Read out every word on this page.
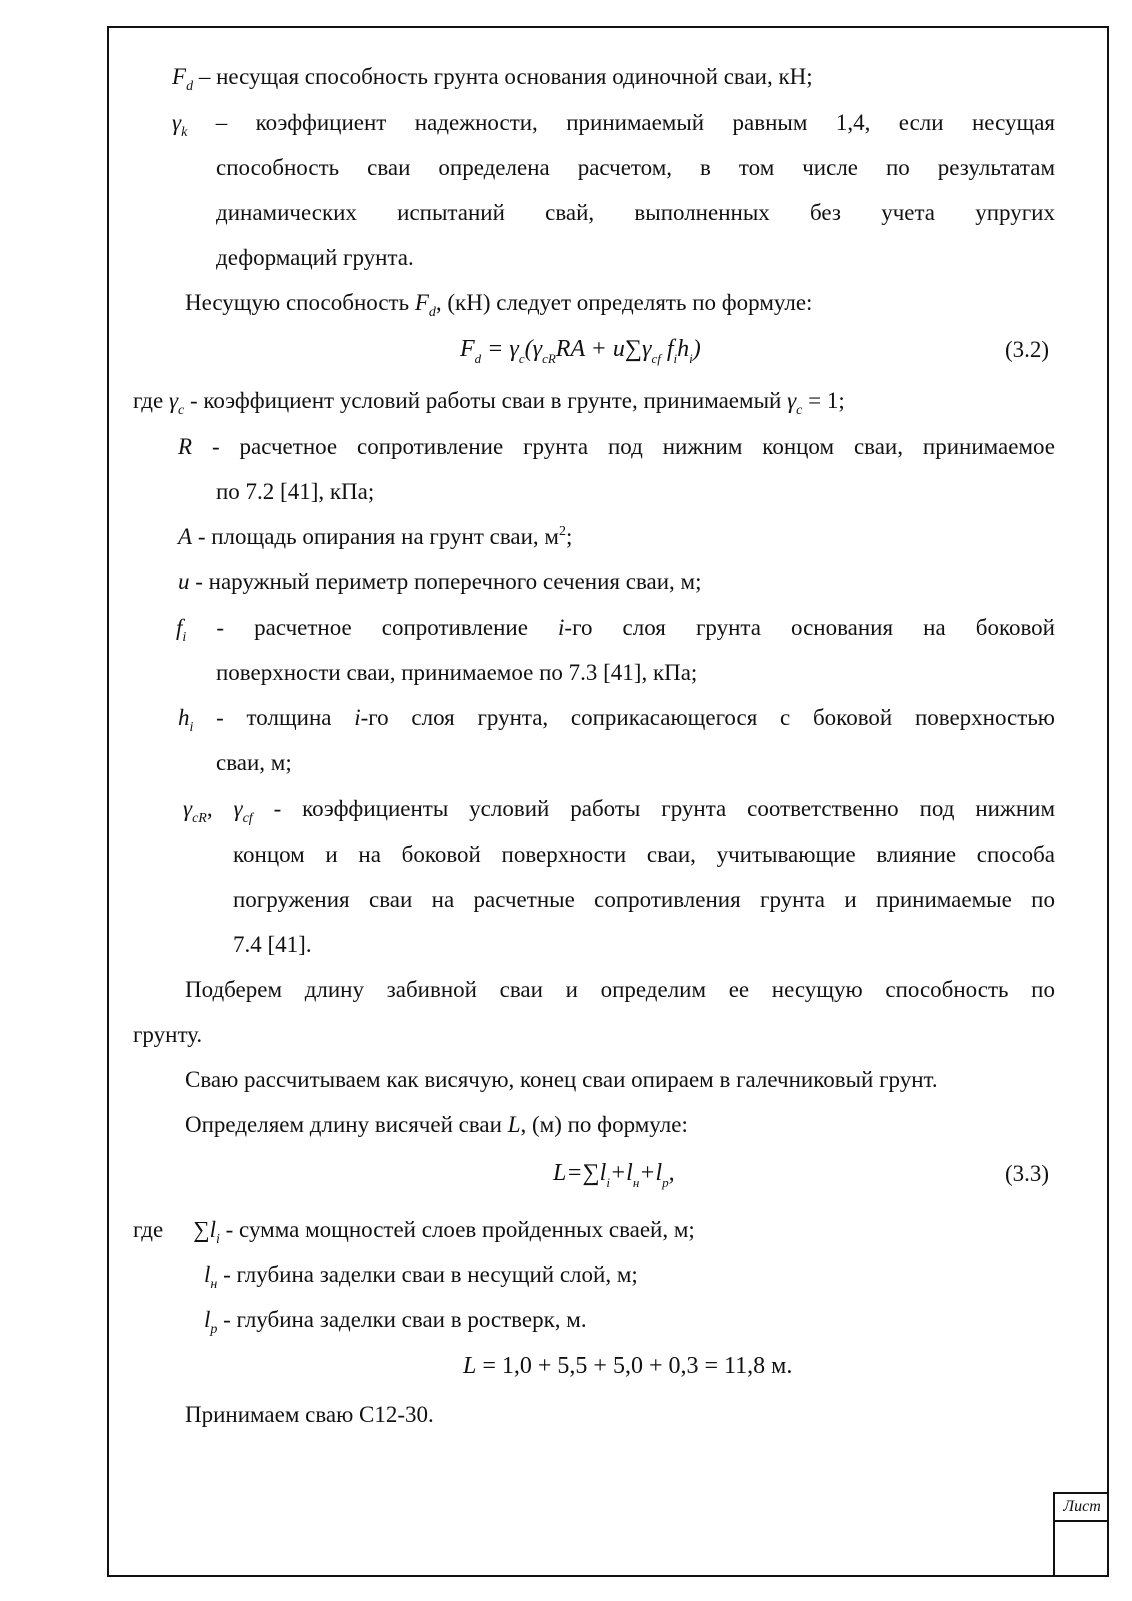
$F_d$ – несущая способность грунта основания одиночной сваи, кН;
$\gamma_k$ – коэффициент надежности, принимаемый равным 1,4, если несущая
способность сваи определена расчетом, в том числе по результатам
динамических испытаний свай, выполненных без учета упругих
деформаций грунта.
Несущую способность $F_d$, (кН) следует определять по формуле:
$F_d = \gamma_c(\gamma_{cR}RA + u\sum\gamma_{cf}$ $f_ih_i$)	(3.2)
где $\gamma_c$ - коэффициент условий работы сваи в грунте, принимаемый $\gamma_c = 1$;
R - расчетное сопротивление грунта под нижним концом сваи, принимаемое
по 7.2 [41], кПа;
A - площадь опирания на грунт сваи, $м^2$;
u - наружный периметр поперечного сечения сваи, м;
$f_i$ - расчетное сопротивление i-го слоя грунта основания на боковой
поверхности сваи, принимаемое по 7.3 [41], кПа;
$h_i$ - толщина i-го слоя грунта, соприкасающегося с боковой поверхностью
сваи, м;
$\gamma_{cR}$, $\gamma_{cf}$ - коэффициенты условий работы грунта соответственно под нижним
концом и на боковой поверхности сваи, учитывающие влияние способа
погружения сваи на расчетные сопротивления грунта и принимаемые по
7.4 [41].
Подберем длину забивной сваи и определим ее несущую способность по
грунту.
Сваю рассчитываем как висячую, конец сваи опираем в галечниковый грунт.
Определяем длину висячей сваи L, (м) по формуле:
$L=\sum l_i+l_н+l_p$,	(3.3)
где $\sum l_i$ - сумма мощностей слоев пройденных сваей, м;
$l_н$ - глубина заделки сваи в несущий слой, м;
$l_p$ - глубина заделки сваи в ростверк, м.
L = 1,0 + 5,5 + 5,0 + 0,3 = 11,8 м.
Принимаем сваю С12-30.
Лист
